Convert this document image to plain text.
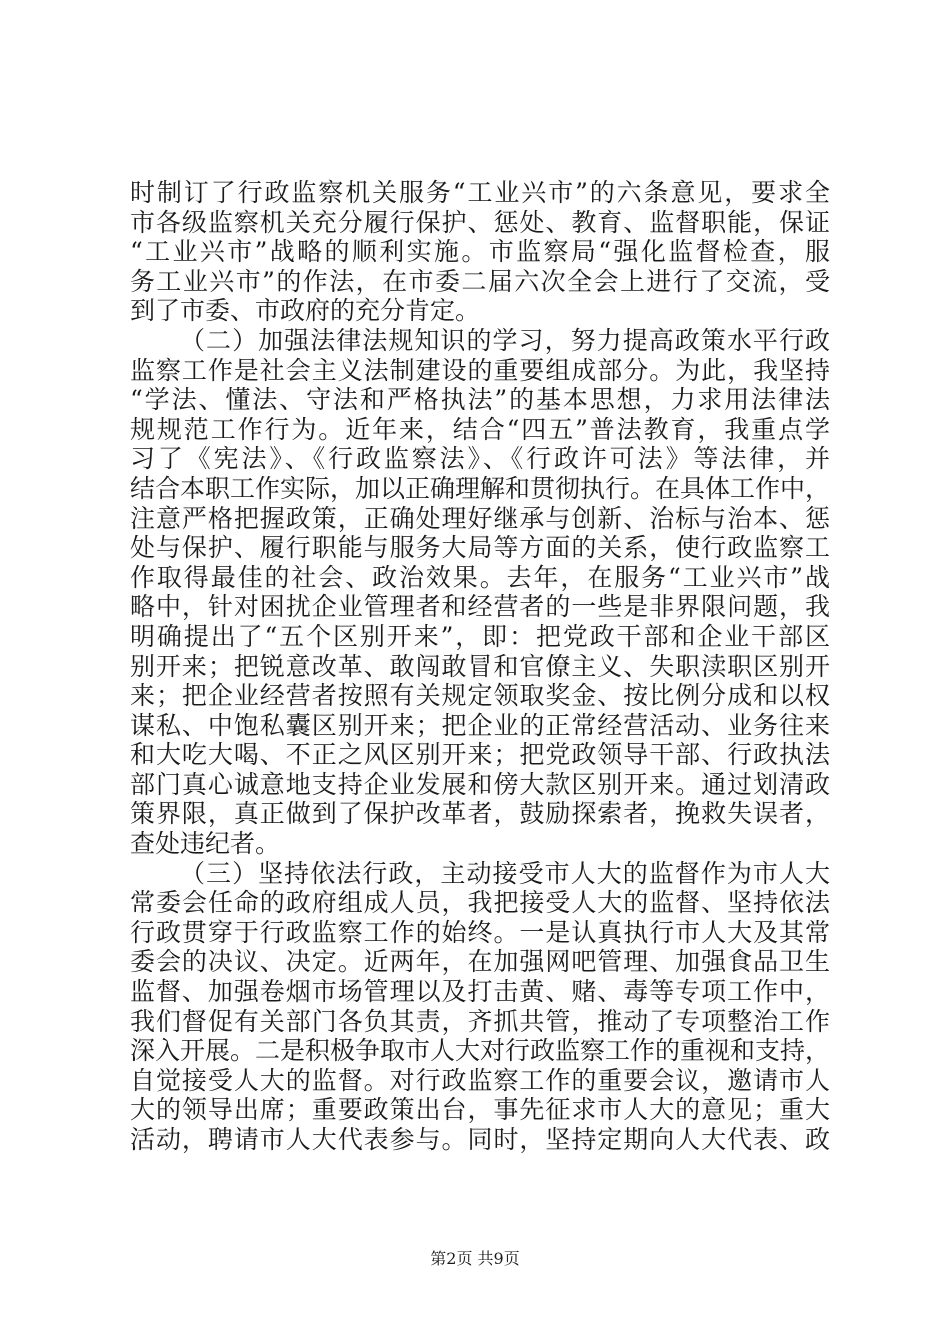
时制订了行政监察机关服务“工业兴市”的六条意见，要求全
市各级监察机关充分履行保护、惩处、教育、监督职能，保证
“工业兴市”战略的顺利实施。市监察局“强化监督检查，服
务工业兴市”的作法，在市委二届六次全会上进行了交流，受
到了市委、市政府的充分肯定。
（二）加强法律法规知识的学习，努力提高政策水平行政
监察工作是社会主义法制建设的重要组成部分。为此，我坚持
“学法、懂法、守法和严格执法”的基本思想，力求用法律法
规规范工作行为。近年来，结合“四五”普法教育，我重点学
习了《宪法》、《行政监察法》、《行政许可法》等法律，并
结合本职工作实际，加以正确理解和贯彻执行。在具体工作中，
注意严格把握政策，正确处理好继承与创新、治标与治本、惩
处与保护、履行职能与服务大局等方面的关系，使行政监察工
作取得最佳的社会、政治效果。去年，在服务“工业兴市”战
略中，针对困扰企业管理者和经营者的一些是非界限问题，我
明确提出了“五个区别开来”，即：把党政干部和企业干部区
别开来；把锐意改革、敢闯敢冒和官僚主义、失职渎职区别开
来；把企业经营者按照有关规定领取奖金、按比例分成和以权
谋私、中饱私囊区别开来；把企业的正常经营活动、业务往来
和大吃大喝、不正之风区别开来；把党政领导干部、行政执法
部门真心诚意地支持企业发展和傍大款区别开来。通过划清政
策界限，真正做到了保护改革者，鼓励探索者，挽救失误者，
查处违纪者。
（三）坚持依法行政，主动接受市人大的监督作为市人大
常委会任命的政府组成人员，我把接受人大的监督、坚持依法
行政贯穿于行政监察工作的始终。一是认真执行市人大及其常
委会的决议、决定。近两年，在加强网吧管理、加强食品卫生
监督、加强卷烟市场管理以及打击黄、赌、毒等专项工作中，
我们督促有关部门各负其责，齐抓共管，推动了专项整治工作
深入开展。二是积极争取市人大对行政监察工作的重视和支持，
自觉接受人大的监督。对行政监察工作的重要会议，邀请市人
大的领导出席；重要政策出台，事先征求市人大的意见；重大
活动，聘请市人大代表参与。同时，坚持定期向人大代表、政
第2页 共9页
